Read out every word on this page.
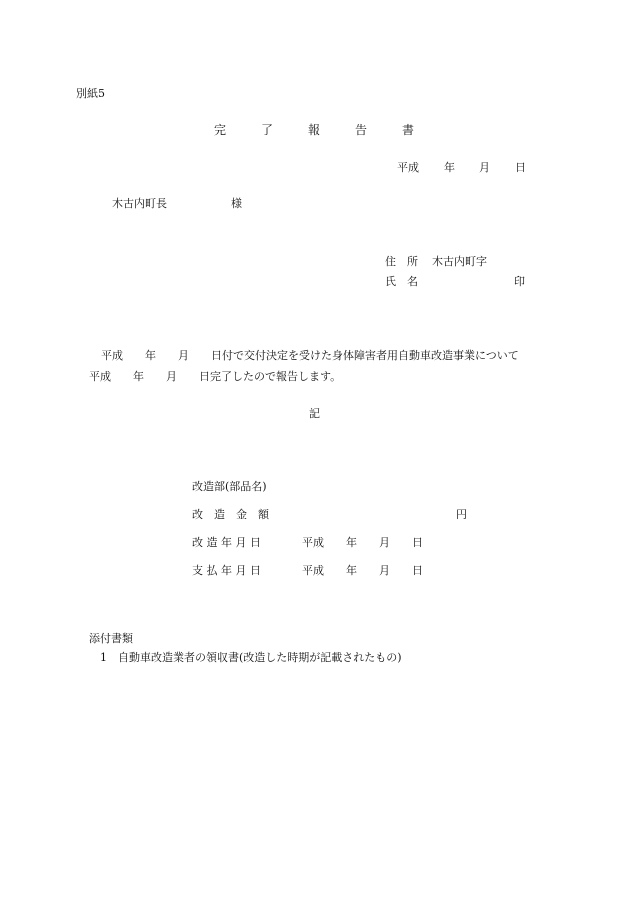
別紙5
完	了	報	告	書
平成 年 月 日
木古内町長	様
住　所 木古内町字
氏　名	印
平成　　年　　月　　日付で交付決定を受けた身体障害者用自動車改造事業について
平成　　年　　月　　日完了したので報告します。
記
改造部(部品名)
改　造　金　額	円
改 造 年 月 日	平成　　年　　月　　日
支 払 年 月 日	平成　　年　　月　　日
添付書類
1　自動車改造業者の領収書(改造した時期が記載されたもの)
